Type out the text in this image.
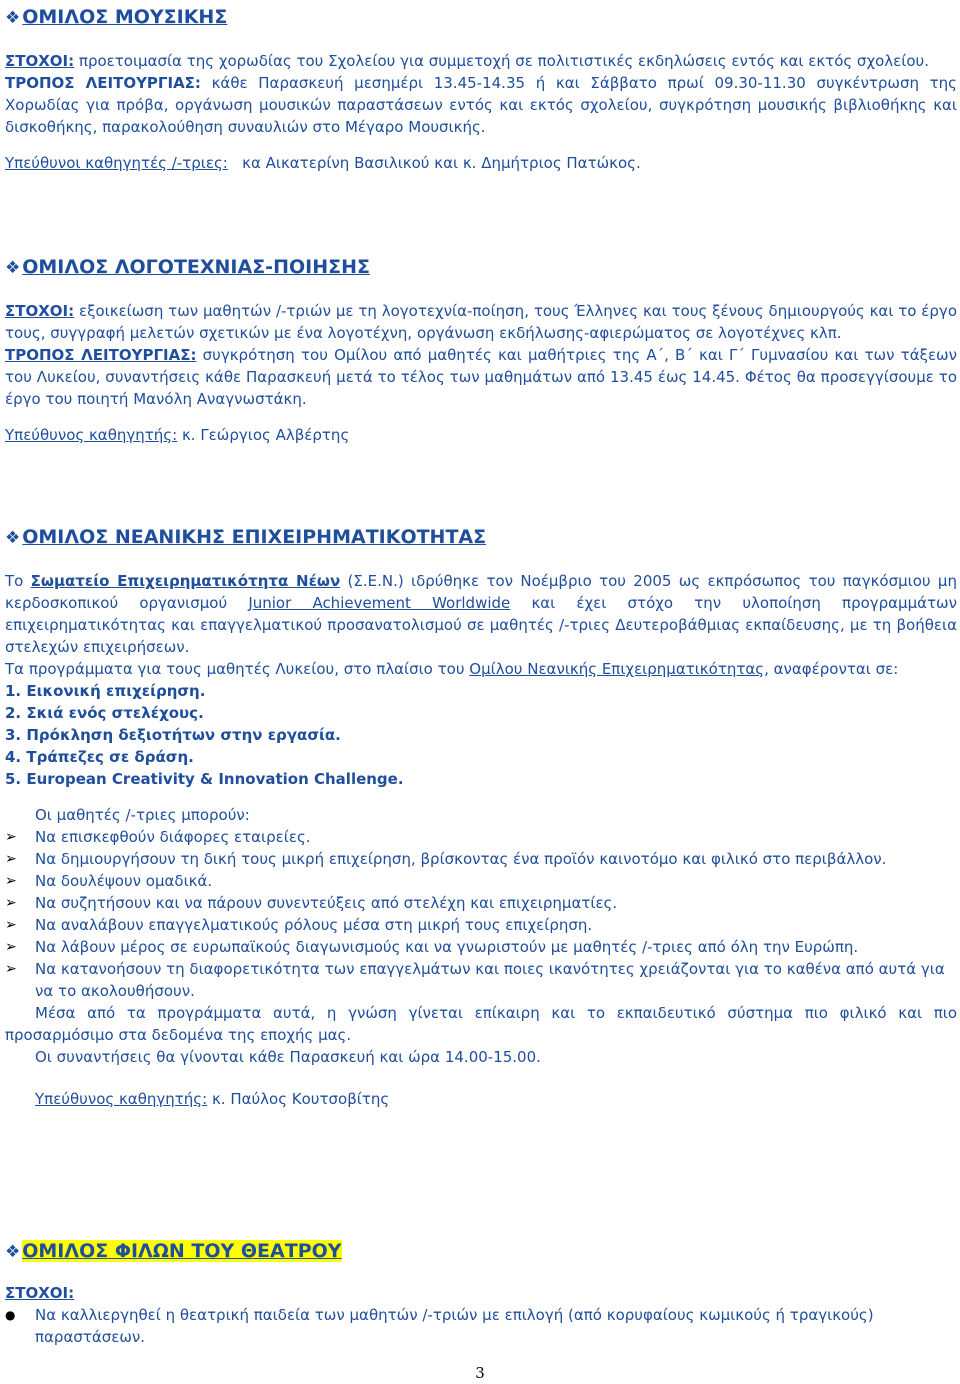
❖ ΟΜΙΛΟΣ ΜΟΥΣΙΚΗΣ

ΣΤΟΧΟΙ: προετοιμασία της χορωδίας του Σχολείου για συμμετοχή σε πολιτιστικές εκδηλώσεις εντός και εκτός σχολείου.

ΤΡΟΠΟΣ ΛΕΙΤΟΥΡΓΙΑΣ: κάθε Παρασκευή μεσημέρι 13.45-14.35 ή και Σάββατο πρωί 09.30-11.30 συγκέντρωση της Χορωδίας για πρόβα, οργάνωση μουσικών παραστάσεων εντός και εκτός σχολείου, συγκρότηση μουσικής βιβλιοθήκης και δισκοθήκης, παρακολούθηση συναυλιών στο Μέγαρο Μουσικής.

Υπεύθυνοι καθηγητές /-τριες: κα Αικατερίνη Βασιλικού και κ. Δημήτριος Πατώκος.

❖ ΟΜΙΛΟΣ ΛΟΓΟΤΕΧΝΙΑΣ-ΠΟΙΗΣΗΣ

ΣΤΟΧΟΙ: εξοικείωση των μαθητών /-τριών με τη λογοτεχνία-ποίηση, τους Έλληνες και τους ξένους δημιουργούς και το έργο τους, συγγραφή μελετών σχετικών με ένα λογοτέχνη, οργάνωση εκδήλωσης-αφιερώματος σε λογοτέχνες κλπ.

ΤΡΟΠΟΣ ΛΕΙΤΟΥΡΓΙΑΣ: συγκρότηση του Ομίλου από μαθητές και μαθήτριες της Α΄, Β΄ και Γ΄ Γυμνασίου και των τάξεων του Λυκείου, συναντήσεις κάθε Παρασκευή μετά το τέλος των μαθημάτων από 13.45 έως 14.45. Φέτος θα προσεγγίσουμε το έργο του ποιητή Μανόλη Αναγνωστάκη.

Υπεύθυνος καθηγητής: κ. Γεώργιος Αλβέρτης

❖ ΟΜΙΛΟΣ ΝΕΑΝΙΚΗΣ ΕΠΙΧΕΙΡΗΜΑΤΙΚΟΤΗΤΑΣ

Το Σωματείο Επιχειρηματικότητα Νέων (Σ.Ε.Ν.) ιδρύθηκε τον Νοέμβριο του 2005 ως εκπρόσωπος του παγκόσμιου μη κερδοσκοπικού οργανισμού Junior Achievement Worldwide και έχει στόχο την υλοποίηση προγραμμάτων επιχειρηματικότητας και επαγγελματικού προσανατολισμού σε μαθητές /-τριες Δευτεροβάθμιας εκπαίδευσης, με τη βοήθεια στελεχών επιχειρήσεων.

Τα προγράμματα για τους μαθητές Λυκείου, στο πλαίσιο του Ομίλου Νεανικής Επιχειρηματικότητας, αναφέρονται σε:

1. Εικονική επιχείρηση.
2. Σκιά ενός στελέχους.
3. Πρόκληση δεξιοτήτων στην εργασία.
4. Τράπεζες σε δράση.
5. European Creativity & Innovation Challenge.

Οι μαθητές /-τριες μπορούν:

➢	Να επισκεφθούν διάφορες εταιρείες.
➢	Να δημιουργήσουν τη δική τους μικρή επιχείρηση, βρίσκοντας ένα προϊόν καινοτόμο και φιλικό στο περιβάλλον.
➢	Να δουλέψουν ομαδικά.
➢	Να συζητήσουν και να πάρουν συνεντεύξεις από στελέχη και επιχειρηματίες.
➢	Να αναλάβουν επαγγελματικούς ρόλους μέσα στη μικρή τους επιχείρηση.
➢	Να λάβουν μέρος σε ευρωπαϊκούς διαγωνισμούς και να γνωριστούν με μαθητές /-τριες από όλη την Ευρώπη.
➢	Να κατανοήσουν τη διαφορετικότητα των επαγγελμάτων και ποιες ικανότητες χρειάζονται για το καθένα από αυτά για να το ακολουθήσουν.

Μέσα από τα προγράμματα αυτά, η γνώση γίνεται επίκαιρη και το εκπαιδευτικό σύστημα πιο φιλικό και πιο προσαρμόσιμο στα δεδομένα της εποχής μας.

Οι συναντήσεις θα γίνονται κάθε Παρασκευή και ώρα 14.00-15.00.

Υπεύθυνος καθηγητής: κ. Παύλος Κουτσοβίτης

❖ ΟΜΙΛΟΣ ΦΙΛΩΝ ΤΟΥ ΘΕΑΤΡΟΥ

ΣΤΟΧΟΙ:

●	Να καλλιεργηθεί η θεατρική παιδεία των μαθητών /-τριών με επιλογή (από κορυφαίους κωμικούς ή τραγικούς) παραστάσεων.
3
